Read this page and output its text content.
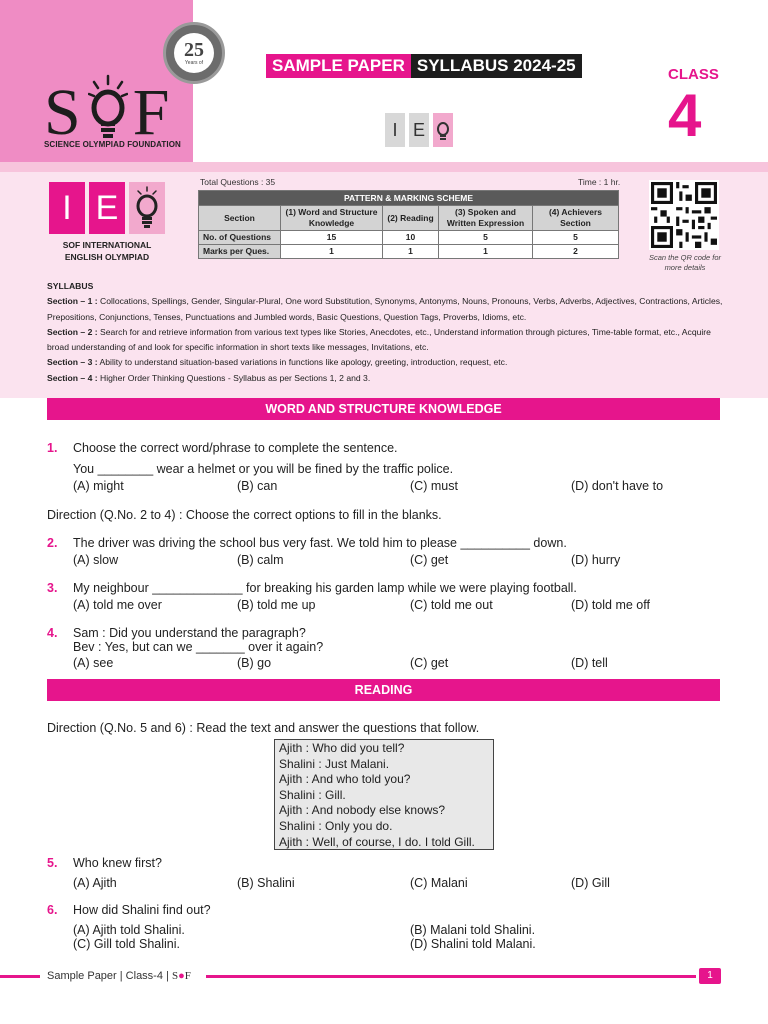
S F
SCIENCE OLYMPIAD FOUNDATION
25
Years of	SAMPLE PAPER SYLLABUS 2024-25	CLASS
4
I E
I E
SOF INTERNATIONAL ENGLISH OLYMPIAD
Total Questions : 35	Time : 1 hr.
PATTERN & MARKING SCHEME				
Section	(1) Word and Structure Knowledge	(2) Reading	(3) Spoken and Written Expression	(4) Achievers Section
No. of Questions	15	10	5	5
Marks per Ques.	1	1	1	2
Scan the QR code for more details
SYLLABUS
Section – 1 : Collocations, Spellings, Gender, Singular-Plural, One word Substitution, Synonyms, Antonyms, Nouns, Pronouns, Verbs, Adverbs, Adjectives, Contractions, Articles, Prepositions, Conjunctions, Tenses, Punctuations and Jumbled words, Basic Questions, Question Tags, Proverbs, Idioms, etc.
Section – 2 : Search for and retrieve information from various text types like Stories, Anecdotes, etc., Understand information through pictures, Time-table format, etc., Acquire broad understanding of and look for specific information in short texts like messages, Invitations, etc.
Section – 3 : Ability to understand situation-based variations in functions like apology, greeting, introduction, request, etc.
Section – 4 : Higher Order Thinking Questions - Syllabus as per Sections 1, 2 and 3.
WORD AND STRUCTURE KNOWLEDGE
1. Choose the correct word/phrase to complete the sentence.
You ________ wear a helmet or you will be fined by the traffic police.
(A) might	(B) can	(C) must	(D) don't have to
Direction (Q.No. 2 to 4) : Choose the correct options to fill in the blanks.
2. The driver was driving the school bus very fast. We told him to please __________ down.
(A) slow	(B) calm	(C) get	(D) hurry
3. My neighbour _____________ for breaking his garden lamp while we were playing football.
(A) told me over	(B) told me up	(C) told me out	(D) told me off
4. Sam : Did you understand the paragraph?
Bev : Yes, but can we _______ over it again?
(A) see	(B) go	(C) get	(D) tell
READING
Direction (Q.No. 5 and 6) : Read the text and answer the questions that follow.
Ajith : Who did you tell?
Shalini : Just Malani.
Ajith : And who told you?
Shalini : Gill.
Ajith : And nobody else knows?
Shalini : Only you do.
Ajith : Well, of course, I do. I told Gill.
5. Who knew first?
(A) Ajith	(B) Shalini	(C) Malani	(D) Gill
6. How did Shalini find out?
(A) Ajith told Shalini.	(B) Malani told Shalini.
(C) Gill told Shalini.	(D) Shalini told Malani.
Sample Paper | Class-4 | S●F	1
